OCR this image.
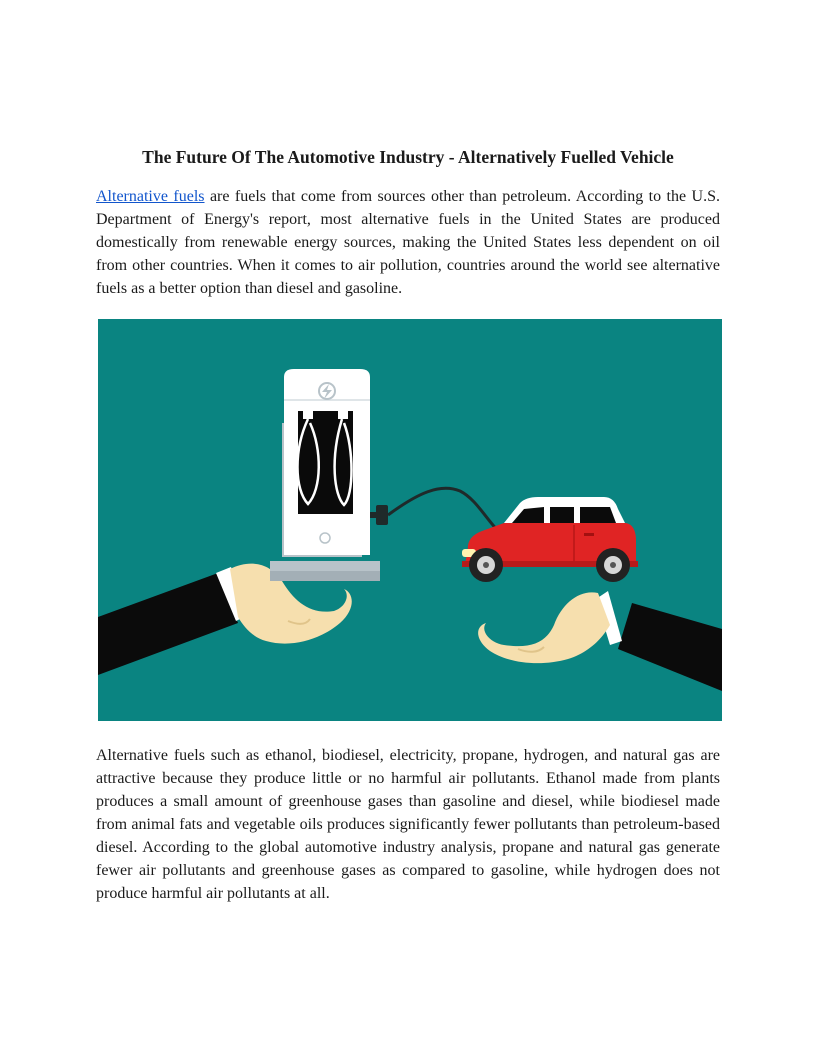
The Future Of The Automotive Industry - Alternatively Fuelled Vehicle

Alternative fuels are fuels that come from sources other than petroleum. According to the U.S. Department of Energy's report, most alternative fuels in the United States are produced domestically from renewable energy sources, making the United States less dependent on oil from other countries. When it comes to air pollution, countries around the world see alternative fuels as a better option than diesel and gasoline.

Alternative fuels such as ethanol, biodiesel, electricity, propane, hydrogen, and natural gas are attractive because they produce little or no harmful air pollutants. Ethanol made from plants produces a small amount of greenhouse gases than gasoline and diesel, while biodiesel made from animal fats and vegetable oils produces significantly fewer pollutants than petroleum-based diesel. According to the global automotive industry analysis, propane and natural gas generate fewer air pollutants and greenhouse gases as compared to gasoline, while hydrogen does not produce harmful air pollutants at all.
